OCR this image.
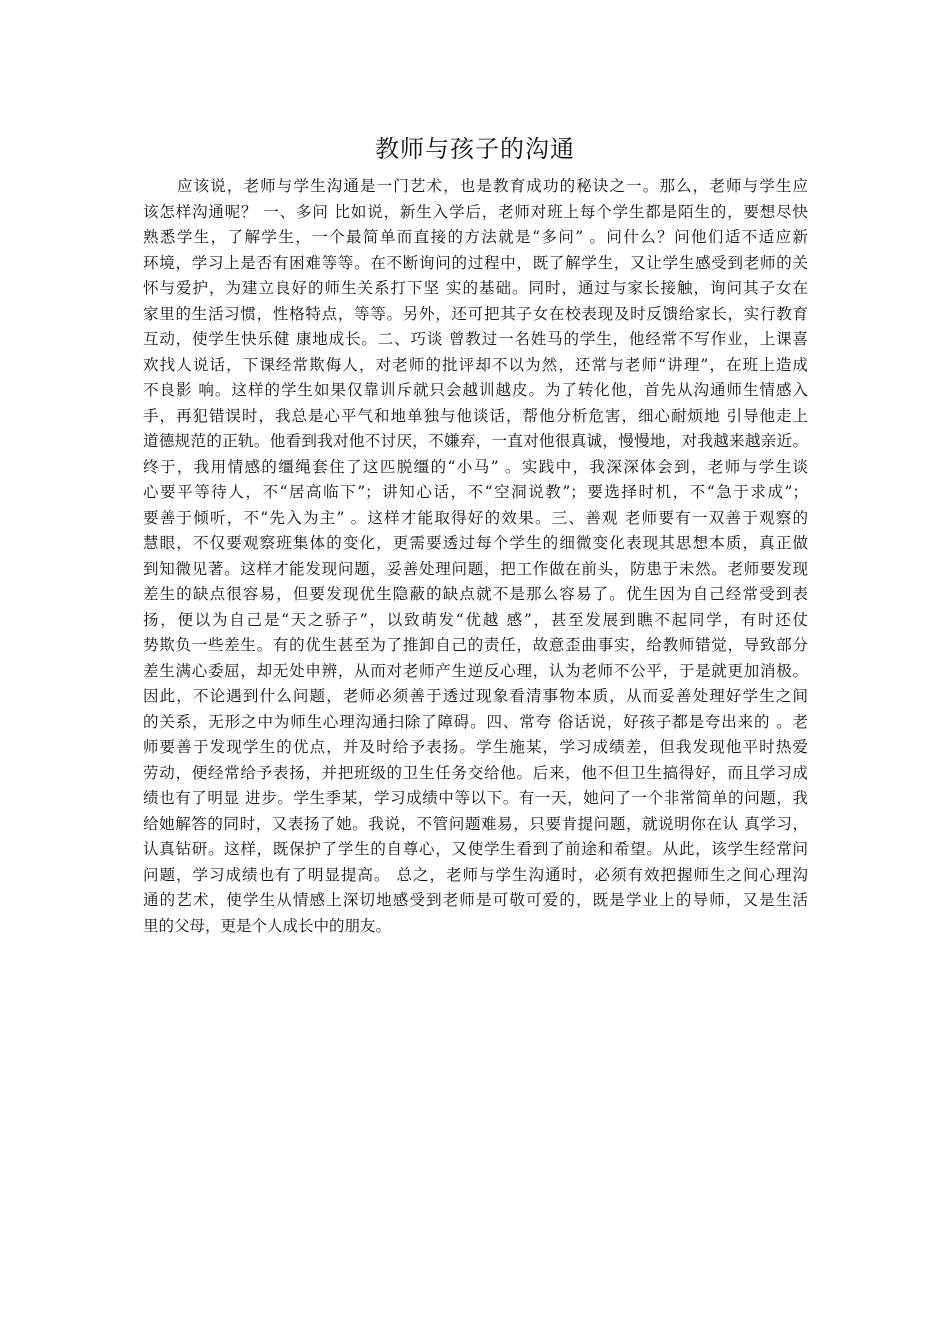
教师与孩子的沟通
应该说，老师与学生沟通是一门艺术，也是教育成功的秘诀之一。那么，老师与学生应
该怎样沟通呢？ 一、多问 比如说，新生入学后，老师对班上每个学生都是陌生的，要想尽快
熟悉学生，了解学生，一个最简单而直接的方法就是“多问” 。问什么？问他们适不适应新
环境，学习上是否有困难等等。在不断询问的过程中，既了解学生，又让学生感受到老师的关
怀与爱护，为建立良好的师生关系打下坚 实的基础。同时，通过与家长接触，询问其子女在
家里的生活习惯，性格特点，等等。另外，还可把其子女在校表现及时反馈给家长，实行教育
互动，使学生快乐健 康地成长。二、巧谈 曾教过一名姓马的学生，他经常不写作业，上课喜
欢找人说话，下课经常欺侮人，对老师的批评却不以为然，还常与老师“讲理”，在班上造成
不良影 响。这样的学生如果仅靠训斥就只会越训越皮。为了转化他，首先从沟通师生情感入
手，再犯错误时，我总是心平气和地单独与他谈话，帮他分析危害，细心耐烦地 引导他走上
道德规范的正轨。他看到我对他不讨厌，不嫌弃，一直对他很真诚，慢慢地，对我越来越亲近。
终于，我用情感的缰绳套住了这匹脱缰的“小马” 。实践中，我深深体会到，老师与学生谈
心要平等待人，不“居高临下”；讲知心话，不“空洞说教”；要选择时机，不“急于求成”；
要善于倾听，不“先入为主” 。这样才能取得好的效果。三、善观 老师要有一双善于观察的
慧眼，不仅要观察班集体的变化，更需要透过每个学生的细微变化表现其思想本质，真正做
到知微见著。这样才能发现问题，妥善处理问题，把工作做在前头，防患于未然。老师要发现
差生的缺点很容易，但要发现优生隐蔽的缺点就不是那么容易了。优生因为自己经常受到表
扬，便以为自己是“天之骄子”，以致萌发“优越 感”，甚至发展到瞧不起同学，有时还仗
势欺负一些差生。有的优生甚至为了推卸自己的责任，故意歪曲事实，给教师错觉，导致部分
差生满心委屈，却无处申辨，从而对老师产生逆反心理，认为老师不公平，于是就更加消极。
因此，不论遇到什么问题，老师必须善于透过现象看清事物本质，从而妥善处理好学生之间
的关系，无形之中为师生心理沟通扫除了障碍。四、常夸 俗话说，好孩子都是夸出来的 。老
师要善于发现学生的优点，并及时给予表扬。学生施某，学习成绩差，但我发现他平时热爱
劳动，便经常给予表扬，并把班级的卫生任务交给他。后来，他不但卫生搞得好，而且学习成
绩也有了明显 进步。学生季某，学习成绩中等以下。有一天，她问了一个非常简单的问题，我
给她解答的同时，又表扬了她。我说，不管问题难易，只要肯提问题，就说明你在认 真学习，
认真钻研。这样，既保护了学生的自尊心，又使学生看到了前途和希望。从此，该学生经常问
问题，学习成绩也有了明显提高。 总之，老师与学生沟通时，必须有效把握师生之间心理沟
通的艺术，使学生从情感上深切地感受到老师是可敬可爱的，既是学业上的导师，又是生活
里的父母，更是个人成长中的朋友。
